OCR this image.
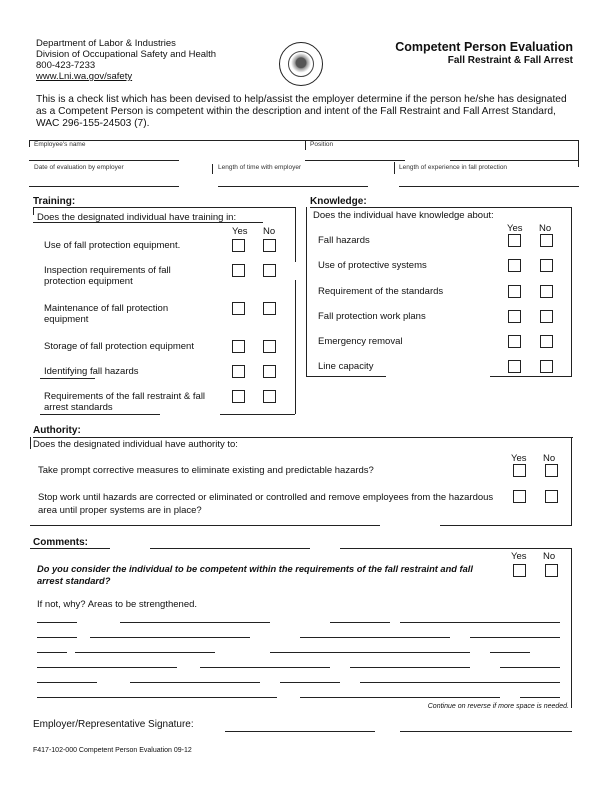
Department of Labor & Industries
Division of Occupational Safety and Health
800-423-7233
www.Lni.wa.gov/safety
Competent Person Evaluation
Fall Restraint & Fall Arrest
This is a check list which has been devised to help/assist the employer determine if the person he/she has designated as a Competent Person is competent within the description and intent of the Fall Restraint and Fall Arrest Standard, WAC 296-155-24503 (7).
Employee's name	Position
Date of evaluation by employer	Length of time with employer	Length of experience in fall protection
Training:
Does the designated individual have training in:
Yes No
Use of fall protection equipment.
Inspection requirements of fall protection equipment
Maintenance of fall protection equipment
Storage of fall protection equipment
Identifying fall hazards
Requirements of the fall restraint & fall arrest standards
Knowledge:
Does the individual have knowledge about:
Yes No
Fall hazards
Use of protective systems
Requirement of the standards
Fall protection work plans
Emergency removal
Line capacity
Authority:
Does the designated individual have authority to:
Yes No
Take prompt corrective measures to eliminate existing and predictable hazards?
Stop work until hazards are corrected or eliminated or controlled and remove employees from the hazardous area until proper systems are in place?
Comments:
Yes No
Do you consider the individual to be competent within the requirements of the fall restraint and fall arrest standard?
If not, why? Areas to be strengthened.
Continue on reverse if more space is needed.
Employer/Representative Signature:
F417-102-000 Competent Person Evaluation 09-12
